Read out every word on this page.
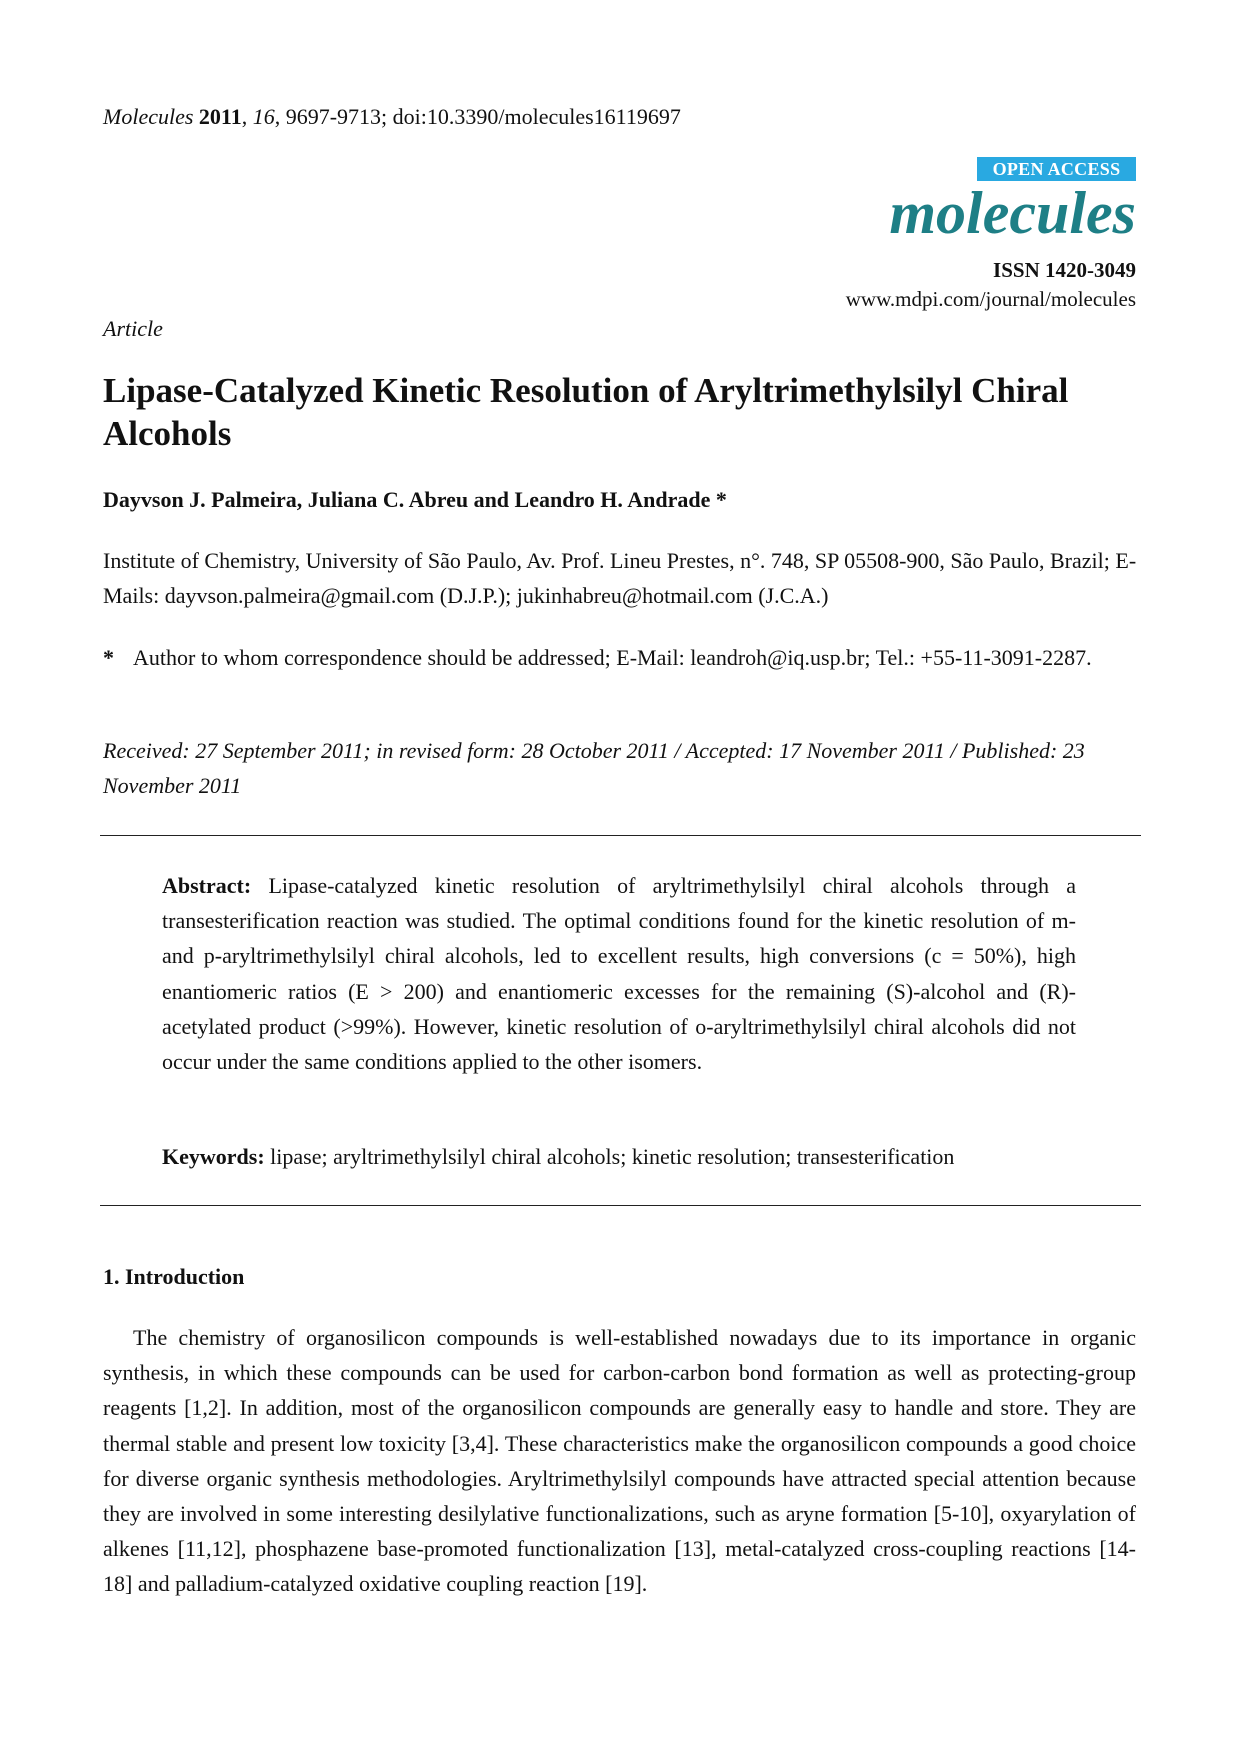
Molecules 2011, 16, 9697-9713; doi:10.3390/molecules16119697
OPEN ACCESS
molecules
ISSN 1420-3049
www.mdpi.com/journal/molecules
Article
Lipase-Catalyzed Kinetic Resolution of Aryltrimethylsilyl Chiral Alcohols
Dayvson J. Palmeira, Juliana C. Abreu and Leandro H. Andrade *
Institute of Chemistry, University of São Paulo, Av. Prof. Lineu Prestes, n°. 748, SP 05508-900, São Paulo, Brazil; E-Mails: dayvson.palmeira@gmail.com (D.J.P.); jukinhabreu@hotmail.com (J.C.A.)
* Author to whom correspondence should be addressed; E-Mail: leandroh@iq.usp.br; Tel.: +55-11-3091-2287.
Received: 27 September 2011; in revised form: 28 October 2011 / Accepted: 17 November 2011 / Published: 23 November 2011

Abstract: Lipase-catalyzed kinetic resolution of aryltrimethylsilyl chiral alcohols through a transesterification reaction was studied. The optimal conditions found for the kinetic resolution of m- and p-aryltrimethylsilyl chiral alcohols, led to excellent results, high conversions (c = 50%), high enantiomeric ratios (E > 200) and enantiomeric excesses for the remaining (S)-alcohol and (R)-acetylated product (>99%). However, kinetic resolution of o-aryltrimethylsilyl chiral alcohols did not occur under the same conditions applied to the other isomers.

Keywords: lipase; aryltrimethylsilyl chiral alcohols; kinetic resolution; transesterification
1. Introduction

The chemistry of organosilicon compounds is well-established nowadays due to its importance in organic synthesis, in which these compounds can be used for carbon-carbon bond formation as well as protecting-group reagents [1,2]. In addition, most of the organosilicon compounds are generally easy to handle and store. They are thermal stable and present low toxicity [3,4]. These characteristics make the organosilicon compounds a good choice for diverse organic synthesis methodologies. Aryltrimethylsilyl compounds have attracted special attention because they are involved in some interesting desilylative functionalizations, such as aryne formation [5-10], oxyarylation of alkenes [11,12], phosphazene base-promoted functionalization [13], metal-catalyzed cross-coupling reactions [14-18] and palladium-catalyzed oxidative coupling reaction [19].
